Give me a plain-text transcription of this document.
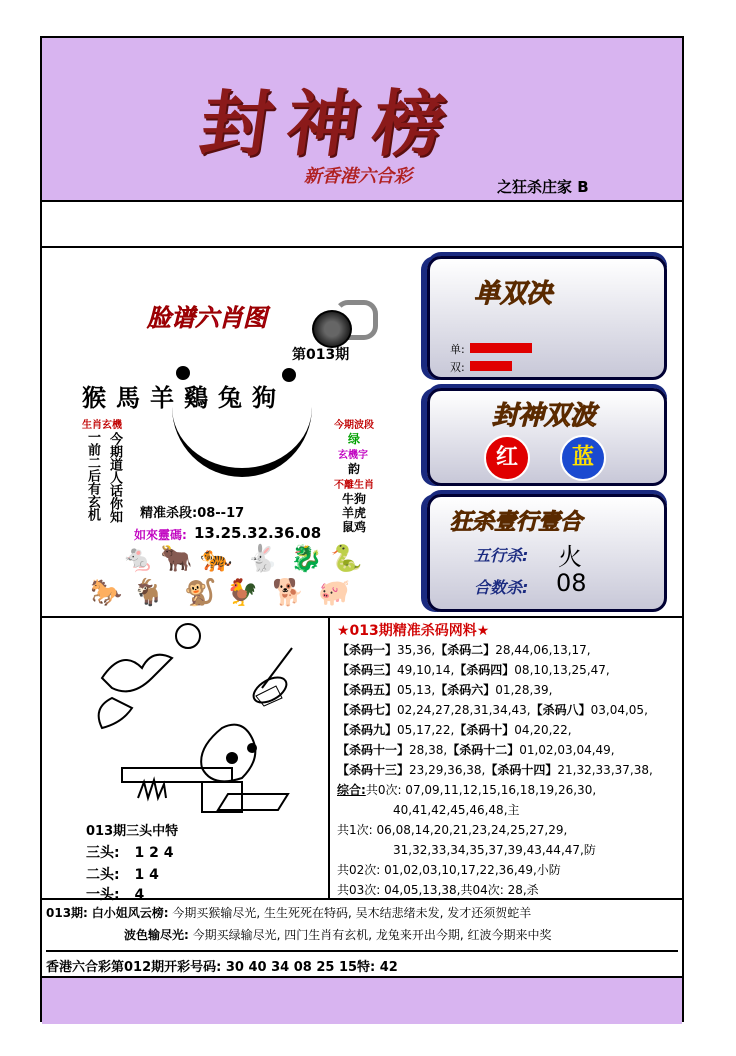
封神榜
新香港六合彩	之狂杀庄家 B
脸谱六肖图
第013期
猴馬羊鷄兔狗
生肖玄機
一前二后有玄机 今期道人话你知 精准杀段:08--17
如來靈碼: 13.25.32.36.08
今期波段
绿
玄機字
韵
不離生肖
牛狗
羊虎
鼠鸡
🐁 🐂 🐅 🐇 🐉 🐍
🐎 🐐 🐒 🐓 🐕 🐖
单双决
单:
双:
封神双波
红	蓝
狂杀壹行壹合
五行杀: 火
合数杀: 08
013期三头中特
三头: 1 2 4
二头: 1 4
一头: 4
★013期精准杀码网料★
【杀码一】35,36,【杀码二】28,44,06,13,17,
【杀码三】49,10,14,【杀码四】08,10,13,25,47,
【杀码五】05,13,【杀码六】01,28,39,
【杀码七】02,24,27,28,31,34,43,【杀码八】03,04,05,
【杀码九】05,17,22,【杀码十】04,20,22,
【杀码十一】28,38,【杀码十二】01,02,03,04,49,
【杀码十三】23,29,36,38,【杀码十四】21,32,33,37,38,
综合:共0次: 07,09,11,12,15,16,18,19,26,30,
40,41,42,45,46,48,主
共1次: 06,08,14,20,21,23,24,25,27,29,
31,32,33,34,35,37,39,43,44,47,防
共02次: 01,02,03,10,17,22,36,49,小防
共03次: 04,05,13,38,共04次: 28,杀
013期: 白小姐风云榜: 今期买猴输尽光, 生生死死在特码, 吴木结悲绪未发, 发才还须贺蛇羊
波色输尽光: 今期买绿输尽光, 四门生肖有玄机, 龙兔来开出今期, 红波今期来中奖
香港六合彩第012期开彩号码: 30 40 34 08 25 15特: 42
